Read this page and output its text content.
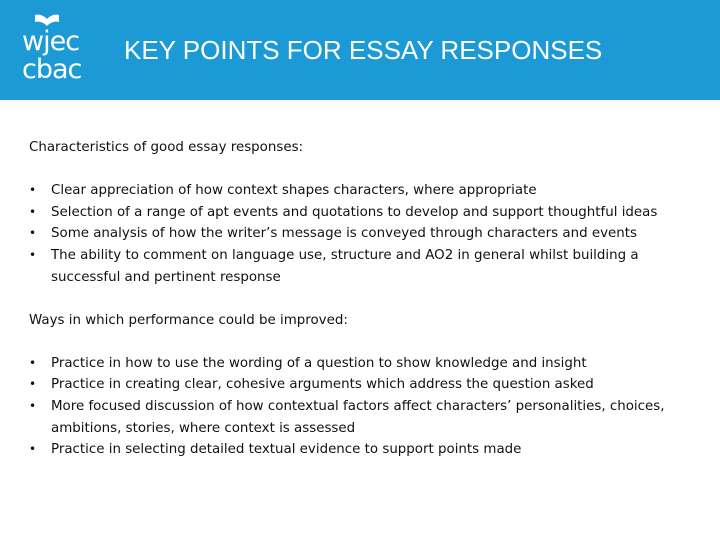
wjec
cbac
KEY POINTS FOR ESSAY RESPONSES

Characteristics of good essay responses:

•	Clear appreciation of how context shapes characters, where appropriate
•	Selection of a range of apt events and quotations to develop and support thoughtful ideas
•	Some analysis of how the writer’s message is conveyed through characters and events
•	The ability to comment on language use, structure and AO2 in general whilst building a successful and pertinent response

Ways in which performance could be improved:

•	Practice in how to use the wording of a question to show knowledge and insight
•	Practice in creating clear, cohesive arguments which address the question asked
•	More focused discussion of how contextual factors affect characters’ personalities, choices, ambitions, stories, where context is assessed
•	Practice in selecting detailed textual evidence to support points made
